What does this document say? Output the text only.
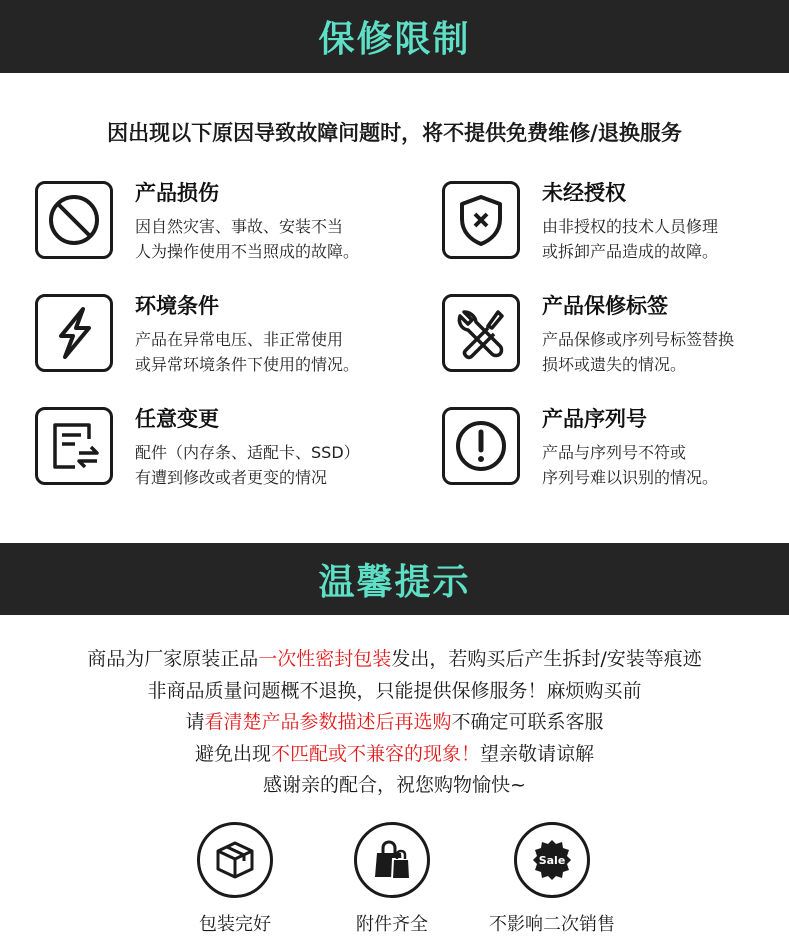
保修限制
因出现以下原因导致故障问题时，将不提供免费维修/退换服务
产品损伤
因自然灾害、事故、安装不当
人为操作使用不当照成的故障。
未经授权
由非授权的技术人员修理
或拆卸产品造成的故障。
环境条件
产品在异常电压、非正常使用
或异常环境条件下使用的情况。
产品保修标签
产品保修或序列号标签替换
损坏或遗失的情况。
任意变更
配件（内存条、适配卡、SSD）
有遭到修改或者更变的情况
产品序列号
产品与序列号不符或
序列号难以识别的情况。
温馨提示
商品为厂家原装正品一次性密封包装发出，若购买后产生拆封/安装等痕迹
非商品质量问题概不退换，只能提供保修服务！麻烦购买前
请看清楚产品参数描述后再选购不确定可联系客服
避免出现不匹配或不兼容的现象！望亲敬请谅解
感谢亲的配合，祝您购物愉快~
包装完好	附件齐全
Sale
不影响二次销售
